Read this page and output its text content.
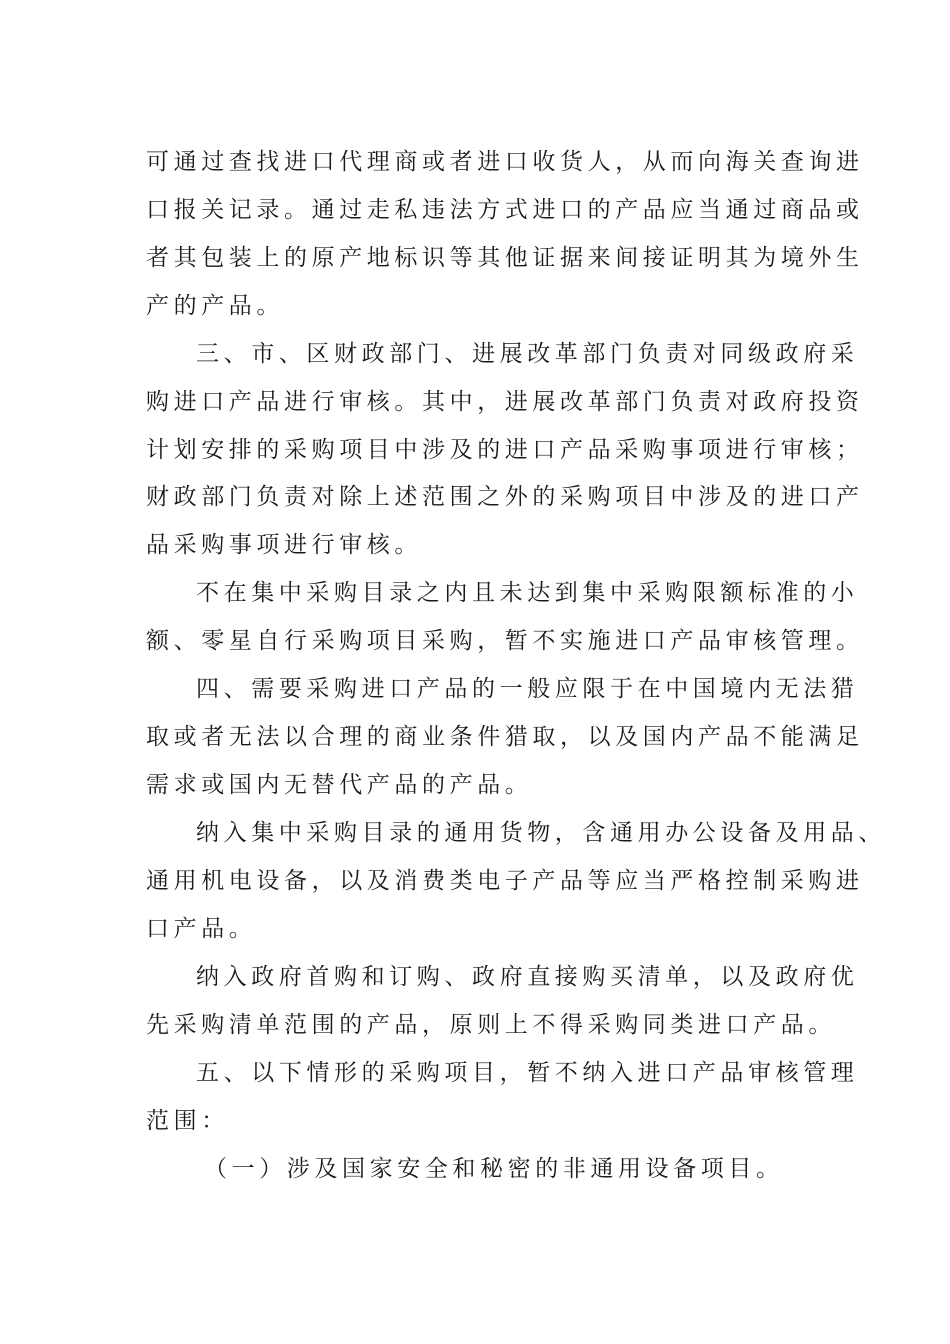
可通过查找进口代理商或者进口收货人，从而向海关查询进
口报关记录。通过走私违法方式进口的产品应当通过商品或
者其包装上的原产地标识等其他证据来间接证明其为境外生
产的产品。
三、市、区财政部门、进展改革部门负责对同级政府采
购进口产品进行审核。其中，进展改革部门负责对政府投资
计划安排的采购项目中涉及的进口产品采购事项进行审核；
财政部门负责对除上述范围之外的采购项目中涉及的进口产
品采购事项进行审核。
不在集中采购目录之内且未达到集中采购限额标准的小
额、零星自行采购项目采购，暂不实施进口产品审核管理。
四、需要采购进口产品的一般应限于在中国境内无法猎
取或者无法以合理的商业条件猎取，以及国内产品不能满足
需求或国内无替代产品的产品。
纳入集中采购目录的通用货物，含通用办公设备及用品、
通用机电设备，以及消费类电子产品等应当严格控制采购进
口产品。
纳入政府首购和订购、政府直接购买清单，以及政府优
先采购清单范围的产品，原则上不得采购同类进口产品。
五、以下情形的采购项目，暂不纳入进口产品审核管理
范围：
（一）涉及国家安全和秘密的非通用设备项目。
